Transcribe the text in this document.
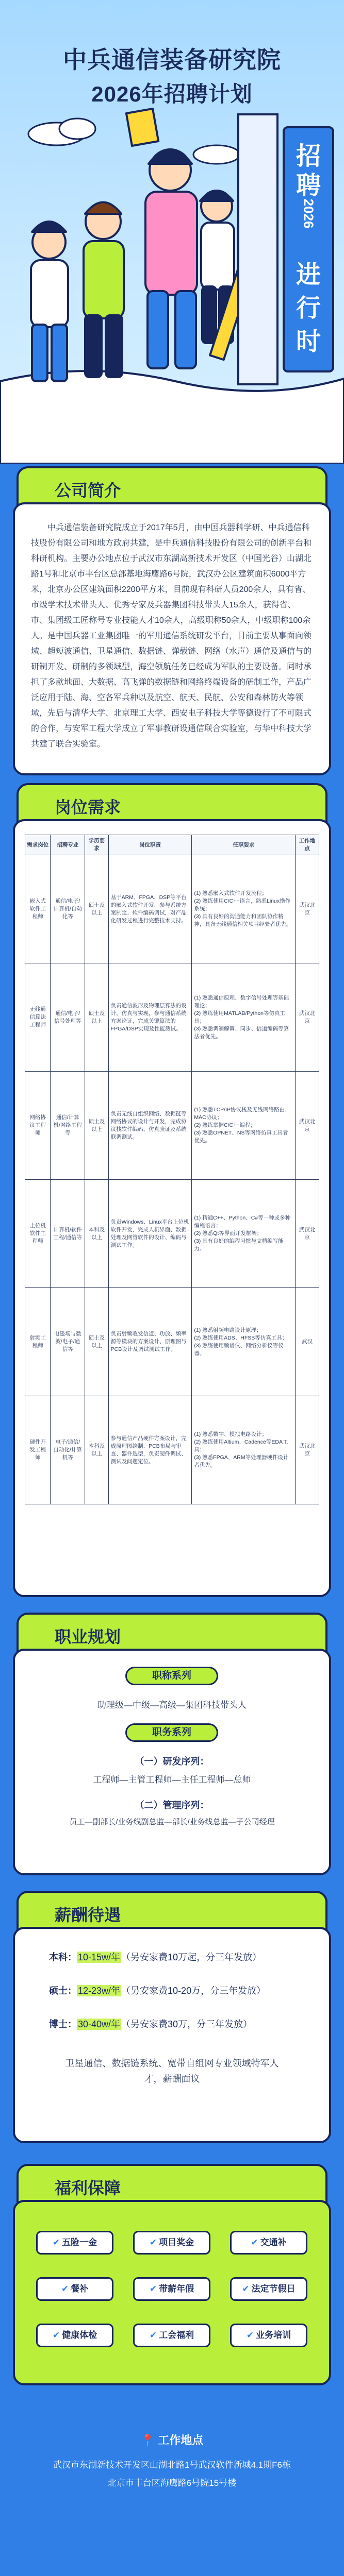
中兵通信装备研究院
2026年招聘计划
招
聘
2026
进
行
时
公司简介

中兵通信装备研究院成立于2017年5月，由中国兵器科学研、中兵通信科技股份有限公司和地方政府共建，是中兵通信科技股份有限公司的创新平台和科研机构。主要办公地点位于武汉市东湖高新技术开发区（中国光谷）山湖北路1号和北京市丰台区总部基地海鹰路6号院，武汉办公区建筑面积6000平方米，北京办公区建筑面积2200平方米，目前现有科研人员200余人，具有省、市级学术技术带头人、优秀专家及兵器集团科技带头人15余人，获得省、市、集团级工匠称号专业技能人才10余人，高级职称50余人，中级职称100余人。是中国兵器工业集团唯一的军用通信系统研发平台，目前主要从事面向领域、超短波通信、卫星通信、数据链、弹载链、网络（水声）通信及通信与的研制开发、研制的多领域型，海空领航任务已经成为军队的主要设备。同时承担了多款地面、大数据、高飞弹的数据链和网络终端设备的研制工作，产品广泛应用于陆、海、空各军兵种以及航空、航天、民航、公安和森林防火等领域，先后与清华大学、北京理工大学、西安电子科技大学等德设行了不可限式的合作，与安军工程大学成立了军事教研设通信联合实验室，与华中科技大学共建了联合实验室。

岗位需求
需求岗位	招聘专业	学历要求	岗位职责	任职要求	工作地点
嵌入式软件工程师	通信/电子/计算机/自动化等	硕士及以上	基于ARM、FPGA、DSP等平台的嵌入式软件开发，参与系统方案制定、软件编码调试，对产品化研发过程进行完整技术支持。	(1) 熟悉嵌入式软件开发流程；
(2) 熟练使用C/C++语言，熟悉Linux操作系统；
(3) 具有良好的沟通能力和团队协作精神，具备无线通信相关项目经验者优先。	武汉北京
无线通信算法工程师	通信/电子/信号处理等	硕士及以上	负责通信波形及物理层算法的设计、仿真与实现，参与通信系统方案论证，完成关键算法的FPGA/DSP实现及性能测试。	(1) 熟悉通信原理、数字信号处理等基础理论；
(2) 熟练使用MATLAB/Python等仿真工具；
(3) 熟悉调制解调、同步、信道编码等算法者优先。	武汉北京
网络协议工程师	通信/计算机/网络工程等	硕士及以上	负责无线自组织网络、数据链等网络协议的设计与开发，完成协议栈软件编码、仿真验证及系统联调测试。	(1) 熟悉TCP/IP协议栈及无线网络路由、MAC协议；
(2) 熟练掌握C/C++编程；
(3) 熟悉OPNET、NS等网络仿真工具者优先。	武汉北京
上位机软件工程师	计算机/软件工程/通信等	本科及以上	负责Windows、Linux平台上位机软件开发，完成人机界面、数据处理及网管软件的设计、编码与测试工作。	(1) 精通C++、Python、C#等一种或多种编程语言；
(2) 熟悉Qt等界面开发框架；
(3) 具有良好的编程习惯与文档编写能力。	武汉北京
射频工程师	电磁场与微波/电子/通信等	硕士及以上	负责射频收发信道、功放、频率源等模块的方案设计、原理图与PCB设计及调试测试工作。	(1) 熟悉射频电路设计原理；
(2) 熟练使用ADS、HFSS等仿真工具；
(3) 熟练使用频谱仪、网络分析仪等仪器。	武汉
硬件开发工程师	电子/通信/自动化/计算机等	本科及以上	参与通信产品硬件方案设计，完成原理图绘制、PCB布局与审查、器件选型，负责硬件调试、测试及问题定位。	(1) 熟悉数字、模拟电路设计；
(2) 熟练使用Altium、Cadence等EDA工具；
(3) 熟悉FPGA、ARM等处理器硬件设计者优先。	武汉北京
职业规划
职称系列
助理级—中级—高级—集团科技带头人
职务系列
（一）研发序列：
工程师—主管工程师—主任工程师—总师
（二）管理序列：
员工—副部长/业务线副总监—部长/业务线总监—子公司经理
薪酬待遇
本科： 10-15w/年 （另安家费10万起，分三年发放）
硕士： 12-23w/年 （另安家费10-20万，分三年发放）
博士： 30-40w/年 （另安家费30万，分三年发放）
卫星通信、数据链系统、宽带自组网专业领域特军人才，薪酬面议
福利保障
✔ 五险一金	✔ 项目奖金	✔ 交通补
✔ 餐补	✔ 带薪年假	✔ 法定节假日
✔ 健康体检	✔ 工会福利	✔ 业务培训
📍 工作地点
武汉市东湖新技术开发区山湖北路1号武汉软件新城4.1期F6栋
北京市丰台区海鹰路6号院15号楼
